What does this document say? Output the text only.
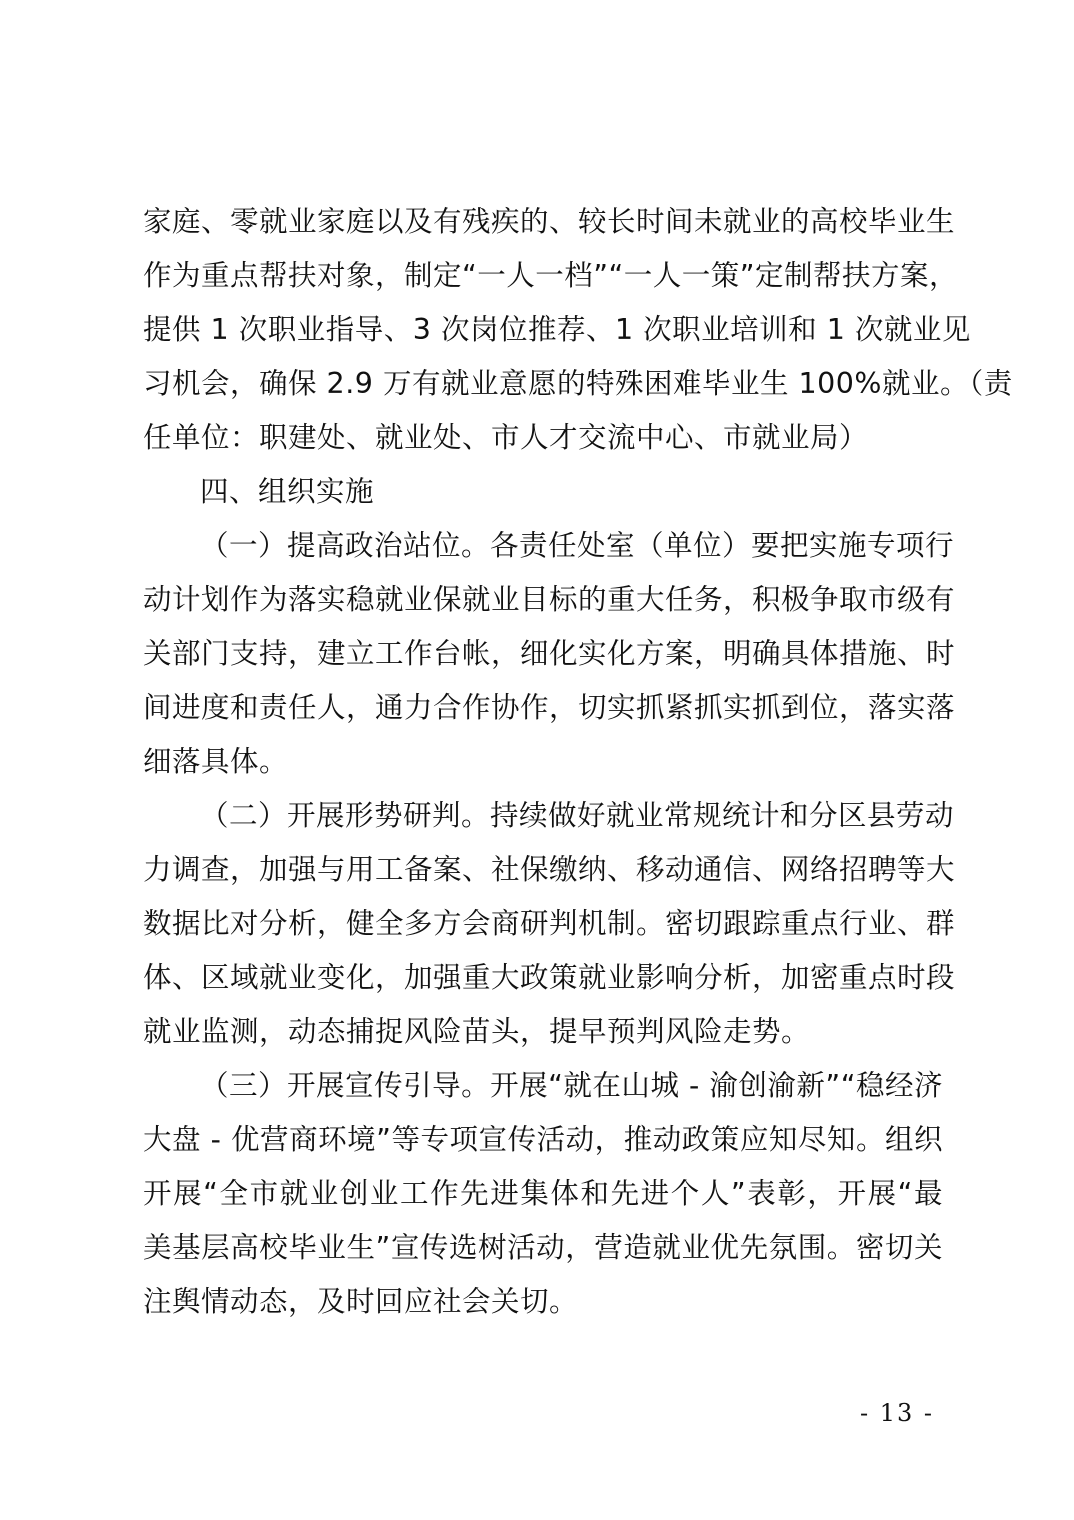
家庭、零就业家庭以及有残疾的、较长时间未就业的高校毕业生
作为重点帮扶对象，制定“一人一档”“一人一策”定制帮扶方案，
提供 1 次职业指导、3 次岗位推荐、1 次职业培训和 1 次就业见
习机会，确保 2.9 万有就业意愿的特殊困难毕业生 100%就业。（责
任单位：职建处、就业处、市人才交流中心、市就业局）
四、组织实施
（一）提高政治站位。各责任处室（单位）要把实施专项行
动计划作为落实稳就业保就业目标的重大任务，积极争取市级有
关部门支持，建立工作台帐，细化实化方案，明确具体措施、时
间进度和责任人，通力合作协作，切实抓紧抓实抓到位，落实落
细落具体。
（二）开展形势研判。持续做好就业常规统计和分区县劳动
力调查，加强与用工备案、社保缴纳、移动通信、网络招聘等大
数据比对分析，健全多方会商研判机制。密切跟踪重点行业、群
体、区域就业变化，加强重大政策就业影响分析，加密重点时段
就业监测，动态捕捉风险苗头，提早预判风险走势。
（三）开展宣传引导。开展“就在山城 - 渝创渝新”“稳经济
大盘 - 优营商环境”等专项宣传活动，推动政策应知尽知。组织
开展“全市就业创业工作先进集体和先进个人”表彰，开展“最
美基层高校毕业生”宣传选树活动，营造就业优先氛围。密切关
注舆情动态，及时回应社会关切。
- 13 -
